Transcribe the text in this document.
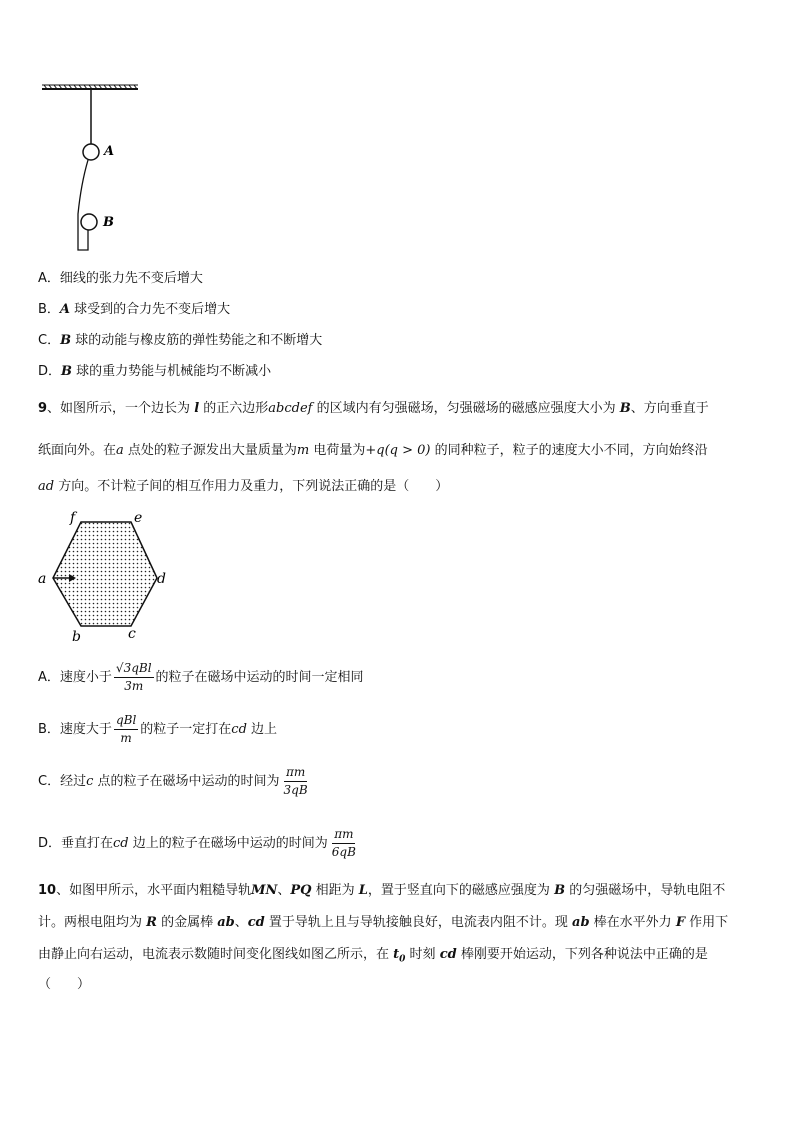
A
B
A．细线的张力先不变后增大
B．A 球受到的合力先不变后增大
C．B 球的动能与橡皮筋的弹性势能之和不断增大
D．B 球的重力势能与机械能均不断减小
9、如图所示，一个边长为 l 的正六边形abcdef 的区域内有匀强磁场，匀强磁场的磁感应强度大小为 B、方向垂直于
纸面向外。在a 点处的粒子源发出大量质量为m 电荷量为+q(q > 0) 的同种粒子，粒子的速度大小不同，方向始终沿
ad 方向。不计粒子间的相互作用力及重力，下列说法正确的是（　　）
a
b	c
d
e
f
A．速度小于 $\frac{\text{√3qBl}}{3m}$ 的粒子在磁场中运动的时间一定相同
B．速度大于 $\frac{\text{qBl}}{m}$ 的粒子一定打在cd 边上
C．经过c 点的粒子在磁场中运动的时间为 $\frac{\pi m}{3qB}$
D．垂直打在cd 边上的粒子在磁场中运动的时间为 $\frac{\pi m}{6qB}$
10、如图甲所示，水平面内粗糙导轨MN、PQ 相距为 L，置于竖直向下的磁感应强度为 B 的匀强磁场中，导轨电阻不
计。两根电阻均为 R 的金属棒 ab、cd 置于导轨上且与导轨接触良好，电流表内阻不计。现 ab 棒在水平外力 F 作用下
由静止向右运动，电流表示数随时间变化图线如图乙所示，在 $t_0$ 时刻 cd 棒刚要开始运动，下列各种说法中正确的是
（　　）
